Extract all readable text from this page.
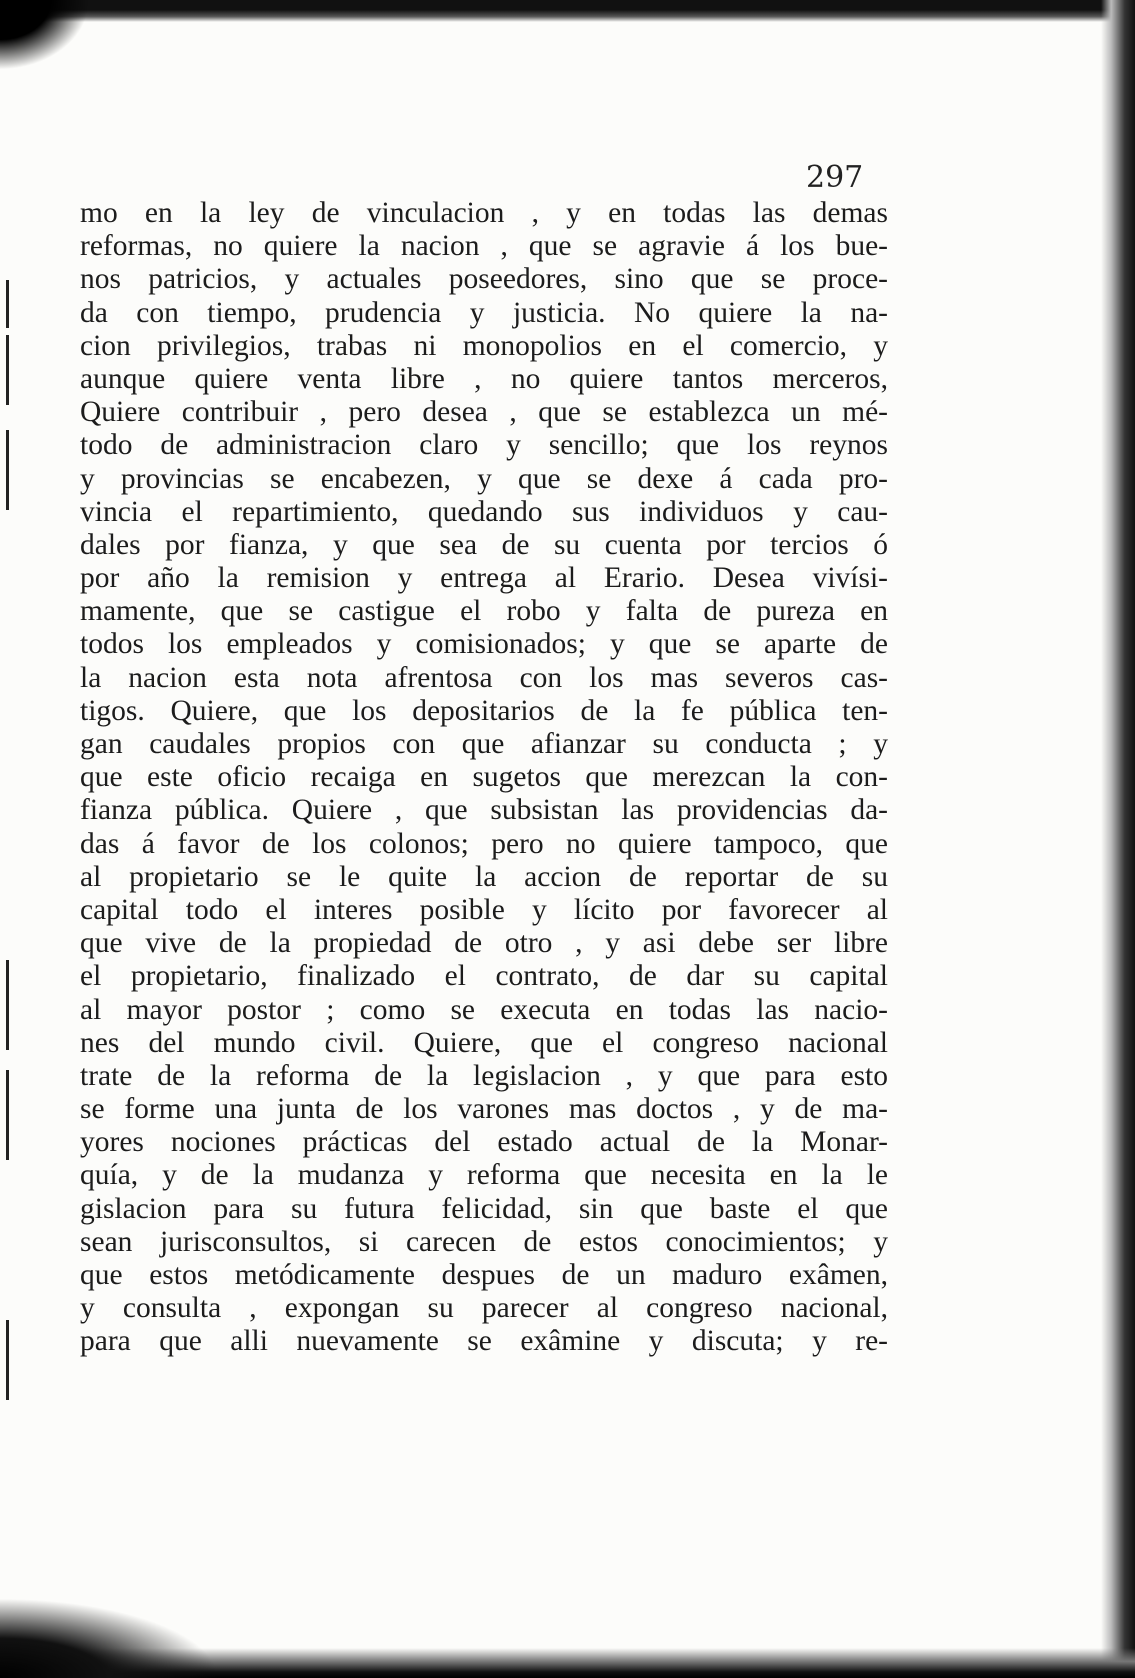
297
mo en la ley de vinculacion , y en todas las demas
reformas, no quiere la nacion , que se agravie á los bue-
nos patricios, y actuales poseedores, sino que se proce-
da con tiempo, prudencia y justicia. No quiere la na-
cion privilegios, trabas ni monopolios en el comercio, y
aunque quiere venta libre , no quiere tantos merceros,
Quiere contribuir , pero desea , que se establezca un mé-
todo de administracion claro y sencillo; que los reynos
y provincias se encabezen, y que se dexe á cada pro-
vincia el repartimiento, quedando sus individuos y cau-
dales por fianza, y que sea de su cuenta por tercios ó
por año la remision y entrega al Erario. Desea vivísi-
mamente, que se castigue el robo y falta de pureza en
todos los empleados y comisionados; y que se aparte de
la nacion esta nota afrentosa con los mas severos cas-
tigos. Quiere, que los depositarios de la fe pública ten-
gan caudales propios con que afianzar su conducta ; y
que este oficio recaiga en sugetos que merezcan la con-
fianza pública. Quiere , que subsistan las providencias da-
das á favor de los colonos; pero no quiere tampoco, que
al propietario se le quite la accion de reportar de su
capital todo el interes posible y lícito por favorecer al
que vive de la propiedad de otro , y asi debe ser libre
el propietario, finalizado el contrato, de dar su capital
al mayor postor ; como se executa en todas las nacio-
nes del mundo civil. Quiere, que el congreso nacional
trate de la reforma de la legislacion , y que para esto
se forme una junta de los varones mas doctos , y de ma-
yores nociones prácticas del estado actual de la Monar-
quía, y de la mudanza y reforma que necesita en la le
gislacion para su futura felicidad, sin que baste el que
sean jurisconsultos, si carecen de estos conocimientos; y
que estos metódicamente despues de un maduro exâmen,
y consulta , expongan su parecer al congreso nacional,
para que alli nuevamente se exâmine y discuta; y re-
